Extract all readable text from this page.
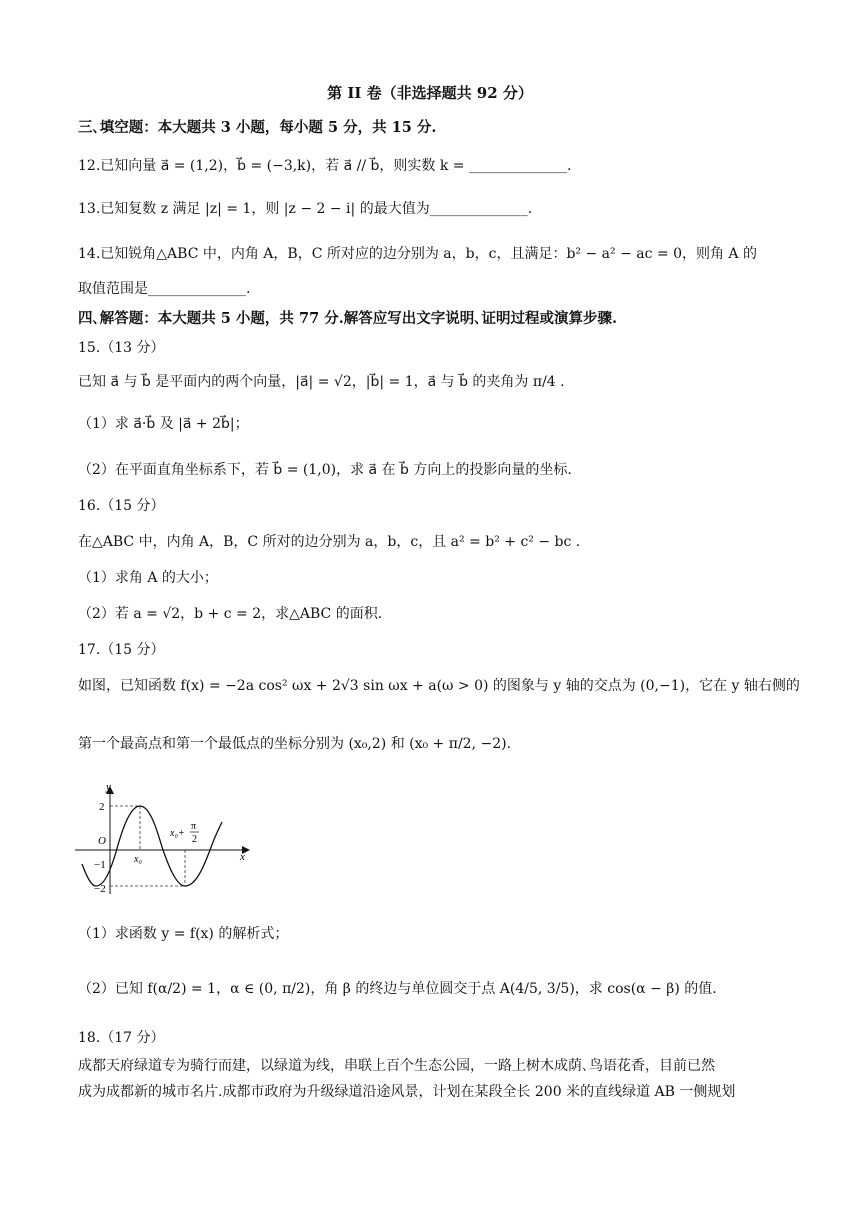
第 II 卷（非选择题共 92 分）
三､填空题：本大题共 3 小题，每小题 5 分，共 15 分.
12.已知向量 a⃗ = (1,2)，b⃗ = (−3,k)，若 a⃗ // b⃗，则实数 k = ______________.
13.已知复数 z 满足 |z| = 1，则 |z − 2 − i| 的最大值为______________.
14.已知锐角△ABC 中，内角 A，B，C 所对应的边分别为 a，b，c，且满足：b² − a² − ac = 0，则角 A 的
取值范围是______________.
四､解答题：本大题共 5 小题，共 77 分.解答应写出文字说明､证明过程或演算步骤.
15.（13 分）
已知 a⃗ 与 b⃗ 是平面内的两个向量，|a⃗| = √2，|b⃗| = 1，a⃗ 与 b⃗ 的夹角为 π/4 .
（1）求 a⃗·b⃗ 及 |a⃗ + 2b⃗|；
（2）在平面直角坐标系下，若 b⃗ = (1,0)，求 a⃗ 在 b⃗ 方向上的投影向量的坐标.
16.（15 分）
在△ABC 中，内角 A，B，C 所对的边分别为 a，b，c，且 a² = b² + c² − bc .
（1）求角 A 的大小；
（2）若 a = √2，b + c = 2，求△ABC 的面积.
17.（15 分）
如图，已知函数 f(x) = −2a cos² ωx + 2√3 sin ωx + a(ω > 0) 的图象与 y 轴的交点为 (0,−1)，它在 y 轴右侧的
第一个最高点和第一个最低点的坐标分别为 (x₀,2) 和 (x₀ + π/2, −2).
y
x
O
2
−1
−2
x₀
x₀+
π
2
（1）求函数 y = f(x) 的解析式；
（2）已知 f(α/2) = 1，α ∈ (0, π/2)，角 β 的终边与单位圆交于点 A(4/5, 3/5)，求 cos(α − β) 的值.
18.（17 分）
成都天府绿道专为骑行而建，以绿道为线，串联上百个生态公园，一路上树木成荫､鸟语花香，目前已然
成为成都新的城市名片.成都市政府为升级绿道沿途风景，计划在某段全长 200 米的直线绿道 AB 一侧规划
